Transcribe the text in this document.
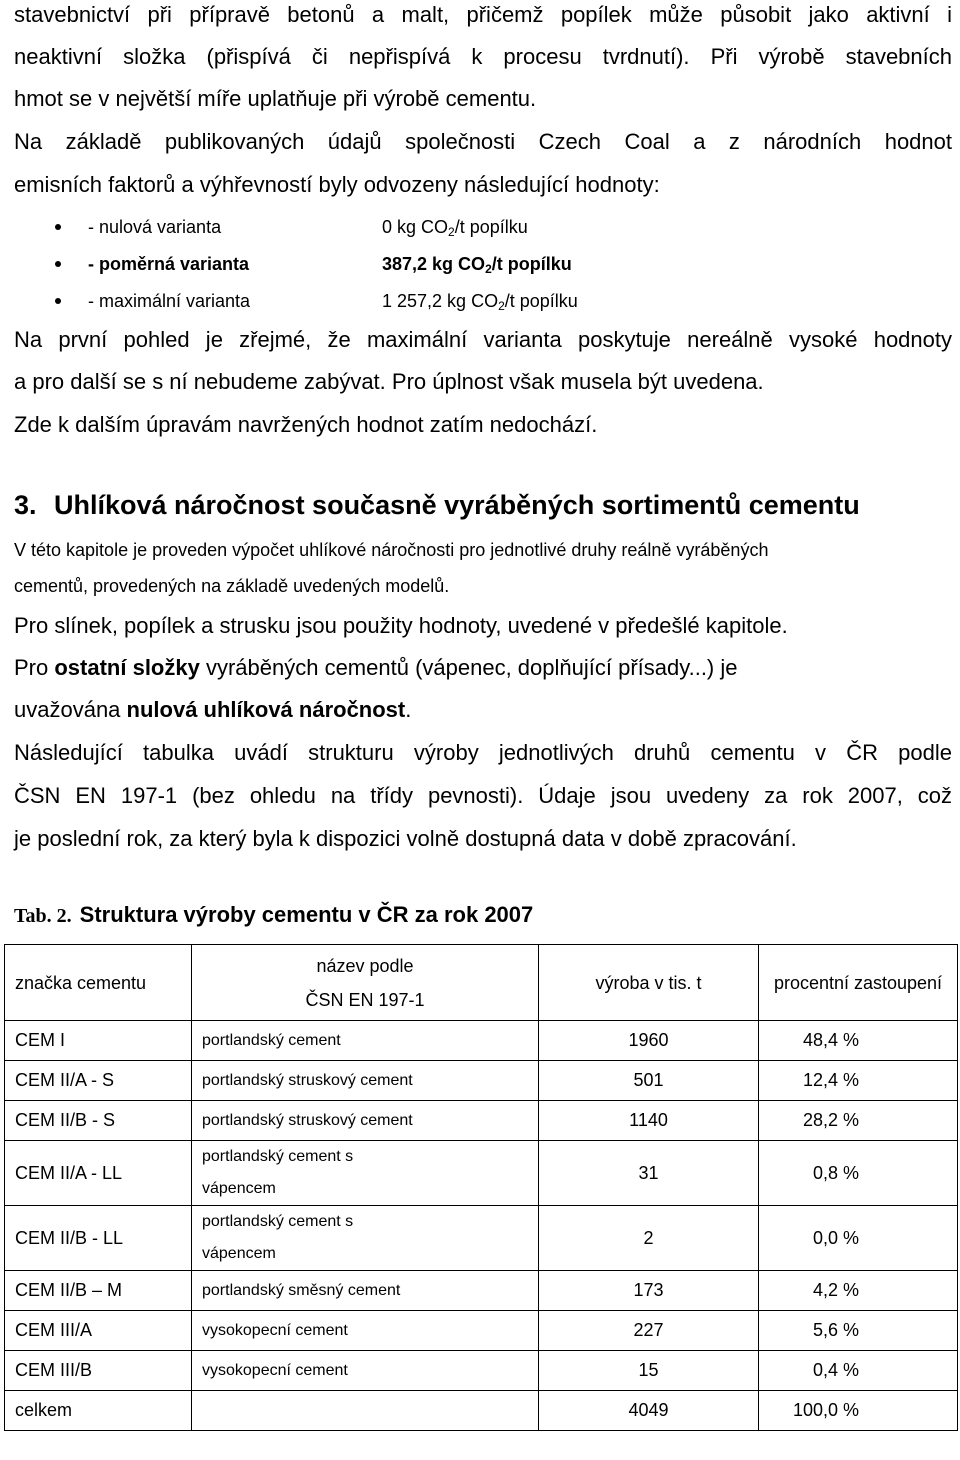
stavebnictví při přípravě betonů a malt, přičemž popílek může působit jako aktivní i
neaktivní složka (přispívá či nepřispívá k procesu tvrdnutí). Při výrobě stavebních
hmot se v největší míře uplatňuje při výrobě cementu.
Na základě publikovaných údajů společnosti Czech Coal a z národních hodnot
emisních faktorů a výhřevností byly odvozeny následující hodnoty:
- nulová varianta	0 kg $CO_2/t$ popílku
- poměrná varianta	387,2 kg $CO_2/t$ popílku
- maximální varianta	1 257,2 kg $CO_2/t$ popílku
Na první pohled je zřejmé, že maximální varianta poskytuje nereálně vysoké hodnoty
a pro další se s ní nebudeme zabývat. Pro úplnost však musela být uvedena.
Zde k dalším úpravám navržených hodnot zatím nedochází.
3. Uhlíková náročnost současně vyráběných sortimentů cementu
V této kapitole je proveden výpočet uhlíkové náročnosti pro jednotlivé druhy reálně vyráběných
cementů, provedených na základě uvedených modelů.
Pro slínek, popílek a strusku jsou použity hodnoty, uvedené v předešlé kapitole.
Pro ostatní složky vyráběných cementů (vápenec, doplňující přísady...) je
uvažována nulová uhlíková náročnost.
Následující tabulka uvádí strukturu výroby jednotlivých druhů cementu v ČR podle
ČSN EN 197-1 (bez ohledu na třídy pevnosti). Údaje jsou uvedeny za rok 2007, což
je poslední rok, za který byla k dispozici volně dostupná data v době zpracování.
Tab. 2. Struktura výroby cementu v ČR za rok 2007
značka cementu	název podle
ČSN EN 197-1	výroba v tis. t	procentní zastoupení
CEM I	portlandský cement	1960	48,4 %
CEM II/A - S	portlandský struskový cement	501	12,4 %
CEM II/B - S	portlandský struskový cement	1140	28,2 %
CEM II/A - LL	portlandský cement s
vápencem	31	0,8 %
CEM II/B - LL	portlandský cement s
vápencem	2	0,0 %
CEM II/B – M	portlandský směsný cement	173	4,2 %
CEM III/A	vysokopecní cement	227	5,6 %
CEM III/B	vysokopecní cement	15	0,4 %
celkem		4049	100,0 %
